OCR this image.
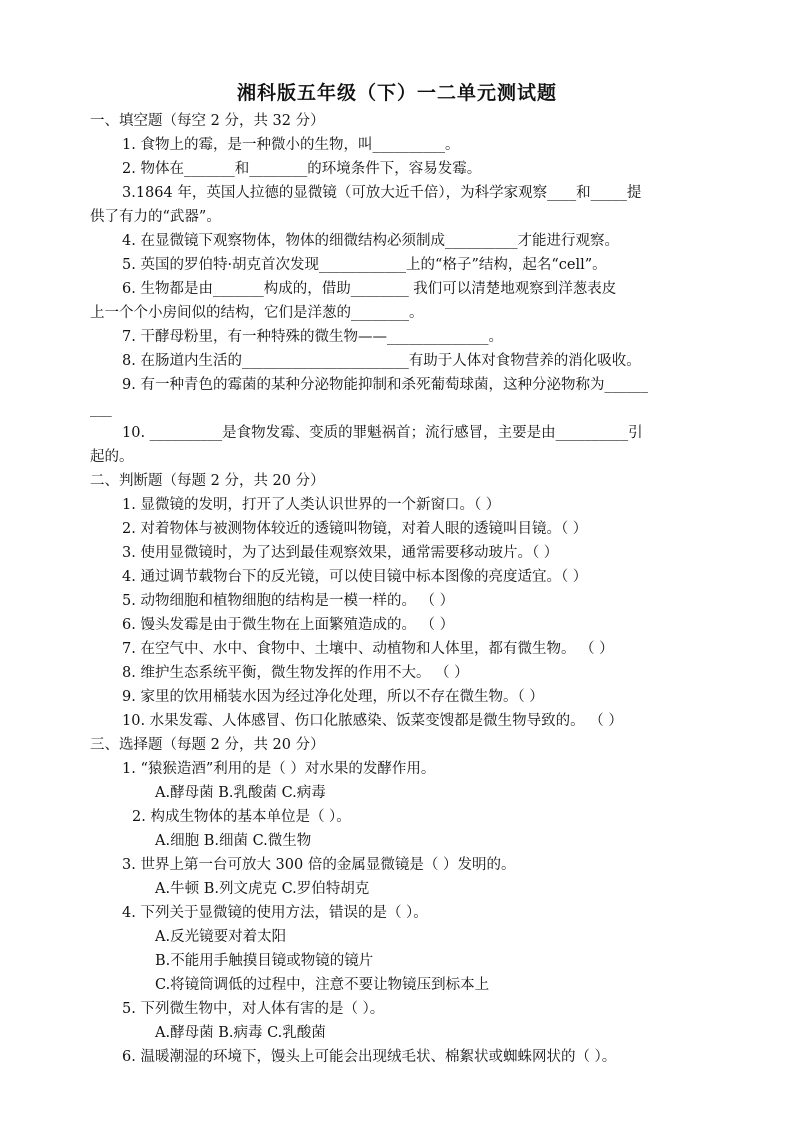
湘科版五年级（下）一二单元测试题
一、填空题（每空 2 分，共 32 分）
1. 食物上的霉，是一种微小的生物，叫__________。
2. 物体在_______和________的环境条件下，容易发霉。
3.1864 年，英国人拉德的显微镜（可放大近千倍），为科学家观察____和_____提
供了有力的“武器”。
4. 在显微镜下观察物体，物体的细微结构必须制成__________才能进行观察。
5. 英国的罗伯特·胡克首次发现____________上的“格子”结构，起名“cell”。
6. 生物都是由_______构成的，借助________ 我们可以清楚地观察到洋葱表皮
上一个个小房间似的结构，它们是洋葱的________。
7. 干酵母粉里，有一种特殊的微生物——______________。
8. 在肠道内生活的_______________________有助于人体对食物营养的消化吸收。
9. 有一种青色的霉菌的某种分泌物能抑制和杀死葡萄球菌，这种分泌物称为______
___
10. __________是食物发霉、变质的罪魁祸首；流行感冒，主要是由__________引
起的。
二、判断题（每题 2 分，共 20 分）
1. 显微镜的发明，打开了人类认识世界的一个新窗口。（ ）
2. 对着物体与被测物体较近的透镜叫物镜，对着人眼的透镜叫目镜。（ ）
3. 使用显微镜时，为了达到最佳观察效果，通常需要移动玻片。（ ）
4. 通过调节载物台下的反光镜，可以使目镜中标本图像的亮度适宜。（ ）
5. 动物细胞和植物细胞的结构是一模一样的。 （ ）
6. 馒头发霉是由于微生物在上面繁殖造成的。 （ ）
7. 在空气中、水中、食物中、土壤中、动植物和人体里，都有微生物。 （ ）
8. 维护生态系统平衡，微生物发挥的作用不大。 （ ）
9. 家里的饮用桶装水因为经过净化处理，所以不存在微生物。（ ）
10. 水果发霉、人体感冒、伤口化脓感染、饭菜变馊都是微生物导致的。 （ ）
三、选择题（每题 2 分，共 20 分）
1. “猿猴造酒”利用的是（ ）对水果的发酵作用。
A.酵母菌 B.乳酸菌 C.病毒
2. 构成生物体的基本单位是（ ）。
A.细胞 B.细菌 C.微生物
3. 世界上第一台可放大 300 倍的金属显微镜是（ ）发明的。
A.牛顿 B.列文虎克 C.罗伯特胡克
4. 下列关于显微镜的使用方法，错误的是（ ）。
A.反光镜要对着太阳
B.不能用手触摸目镜或物镜的镜片
C.将镜筒调低的过程中，注意不要让物镜压到标本上
5. 下列微生物中，对人体有害的是（ ）。
A.酵母菌 B.病毒 C.乳酸菌
6. 温暖潮湿的环境下，馒头上可能会出现绒毛状、棉絮状或蜘蛛网状的（ ）。
